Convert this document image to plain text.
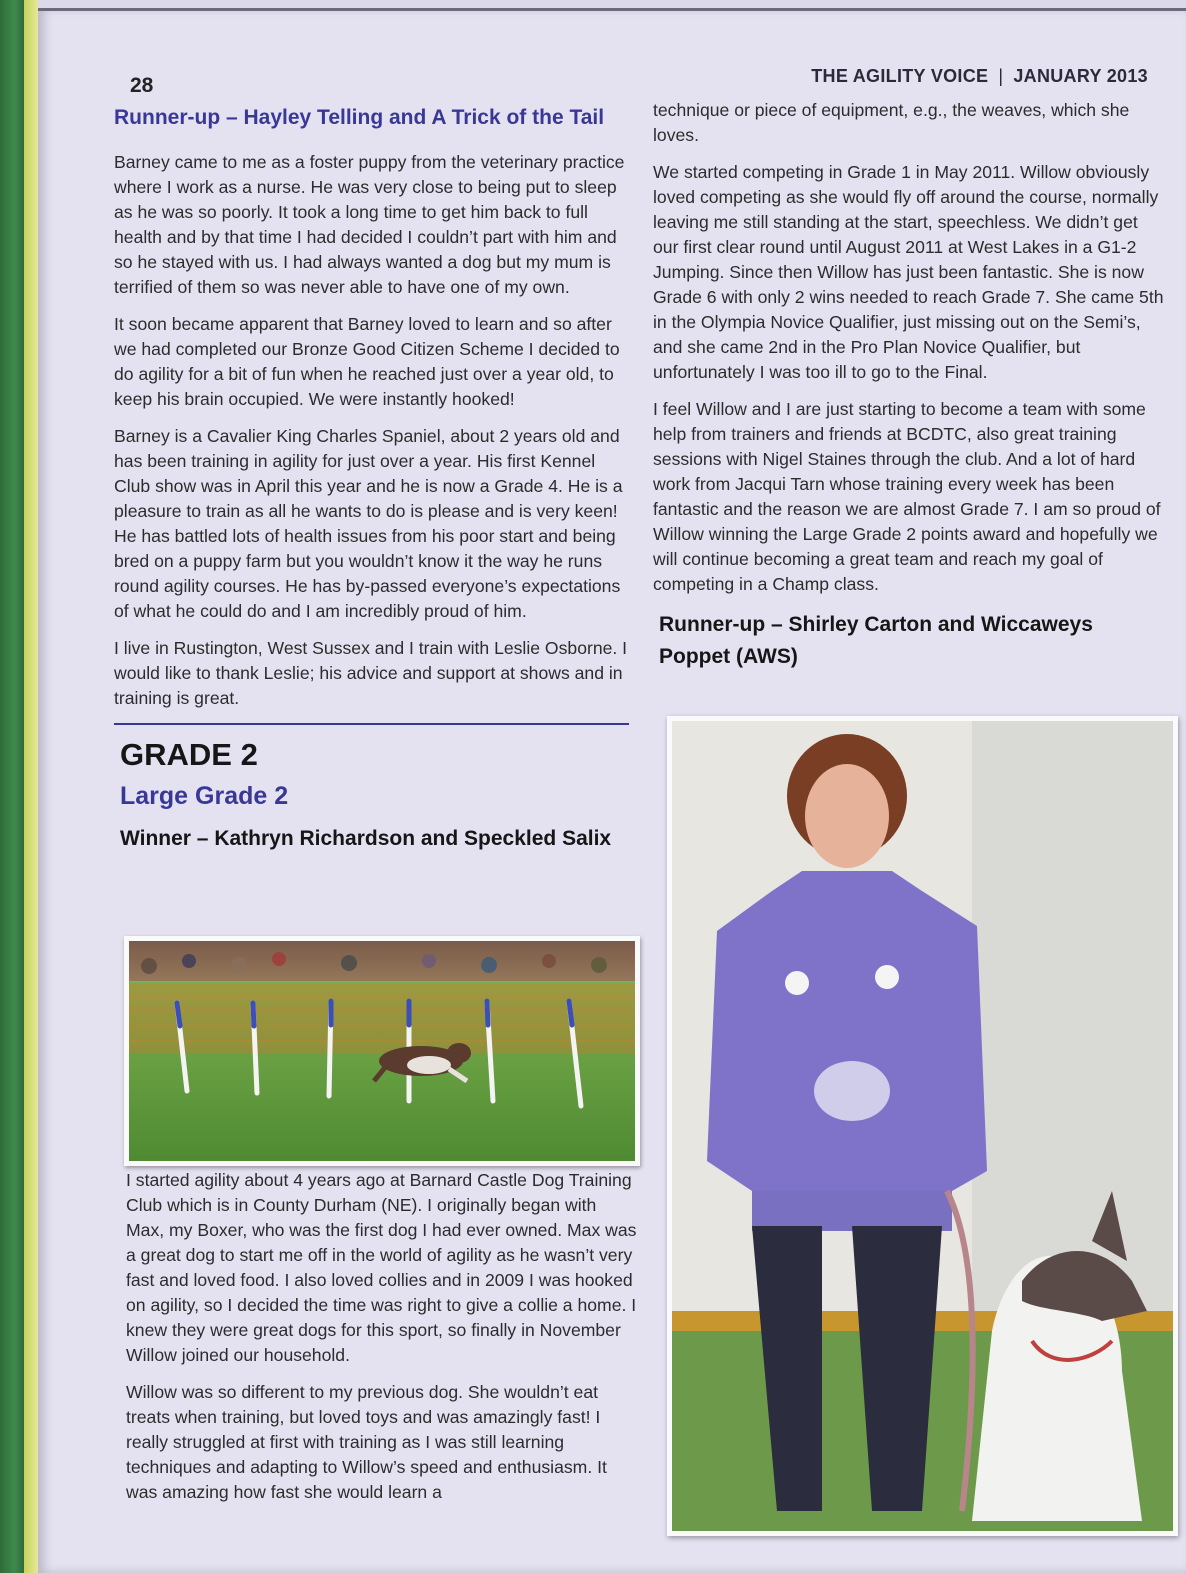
28	THE AGILITY VOICE | JANUARY 2013
Runner-up – Hayley Telling and A Trick of the Tail

Barney came to me as a foster puppy from the veterinary practice where I work as a nurse. He was very close to being put to sleep as he was so poorly. It took a long time to get him back to full health and by that time I had decided I couldn’t part with him and so he stayed with us. I had always wanted a dog but my mum is terrified of them so was never able to have one of my own.

It soon became apparent that Barney loved to learn and so after we had completed our Bronze Good Citizen Scheme I decided to do agility for a bit of fun when he reached just over a year old, to keep his brain occupied. We were instantly hooked!

Barney is a Cavalier King Charles Spaniel, about 2 years old and has been training in agility for just over a year. His first Kennel Club show was in April this year and he is now a Grade 4. He is a pleasure to train as all he wants to do is please and is very keen! He has battled lots of health issues from his poor start and being bred on a puppy farm but you wouldn’t know it the way he runs round agility courses. He has by-passed everyone’s expectations of what he could do and I am incredibly proud of him.

I live in Rustington, West Sussex and I train with Leslie Osborne. I would like to thank Leslie; his advice and support at shows and in training is great.

GRADE 2
Large Grade 2
Winner – Kathryn Richardson and Speckled Salix

I started agility about 4 years ago at Barnard Castle Dog Training Club which is in County Durham (NE). I originally began with Max, my Boxer, who was the first dog I had ever owned. Max was a great dog to start me off in the world of agility as he wasn’t very fast and loved food. I also loved collies and in 2009 I was hooked on agility, so I decided the time was right to give a collie a home. I knew they were great dogs for this sport, so finally in November Willow joined our household.

Willow was so different to my previous dog. She wouldn’t eat treats when training, but loved toys and was amazingly fast! I really struggled at first with training as I was still learning techniques and adapting to Willow’s speed and enthusiasm. It was amazing how fast she would learn a

technique or piece of equipment, e.g., the weaves, which she loves.

We started competing in Grade 1 in May 2011. Willow obviously loved competing as she would fly off around the course, normally leaving me still standing at the start, speechless. We didn’t get our first clear round until August 2011 at West Lakes in a G1-2 Jumping. Since then Willow has just been fantastic. She is now Grade 6 with only 2 wins needed to reach Grade 7. She came 5th in the Olympia Novice Qualifier, just missing out on the Semi’s, and she came 2nd in the Pro Plan Novice Qualifier, but unfortunately I was too ill to go to the Final.

I feel Willow and I are just starting to become a team with some help from trainers and friends at BCDTC, also great training sessions with Nigel Staines through the club. And a lot of hard work from Jacqui Tarn whose training every week has been fantastic and the reason we are almost Grade 7. I am so proud of Willow winning the Large Grade 2 points award and hopefully we will continue becoming a great team and reach my goal of competing in a Champ class.

Runner-up – Shirley Carton and Wiccaweys Poppet (AWS)
